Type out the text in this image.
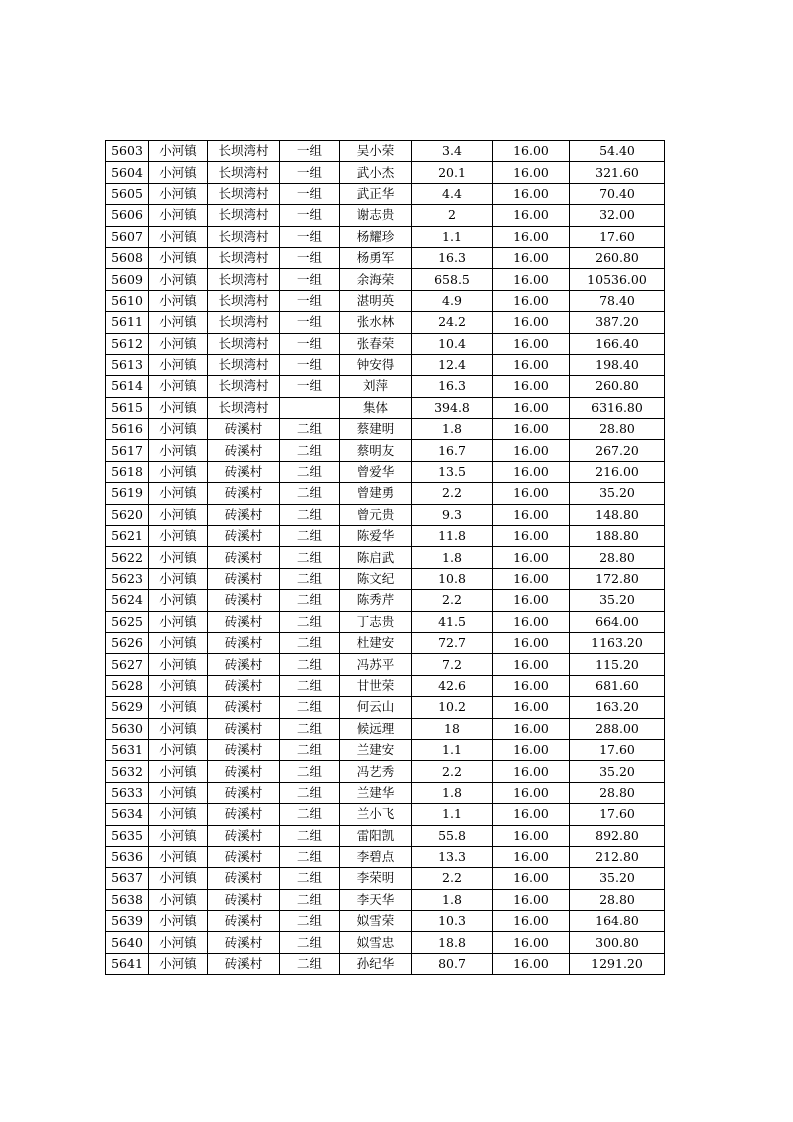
5603	小河镇	长坝湾村	一组	吴小荣	3.4	16.00	54.40
5604	小河镇	长坝湾村	一组	武小杰	20.1	16.00	321.60
5605	小河镇	长坝湾村	一组	武正华	4.4	16.00	70.40
5606	小河镇	长坝湾村	一组	谢志贵	2	16.00	32.00
5607	小河镇	长坝湾村	一组	杨耀珍	1.1	16.00	17.60
5608	小河镇	长坝湾村	一组	杨勇军	16.3	16.00	260.80
5609	小河镇	长坝湾村	一组	余海荣	658.5	16.00	10536.00
5610	小河镇	长坝湾村	一组	湛明英	4.9	16.00	78.40
5611	小河镇	长坝湾村	一组	张水林	24.2	16.00	387.20
5612	小河镇	长坝湾村	一组	张春荣	10.4	16.00	166.40
5613	小河镇	长坝湾村	一组	钟安得	12.4	16.00	198.40
5614	小河镇	长坝湾村	一组	刘萍	16.3	16.00	260.80
5615	小河镇	长坝湾村		集体	394.8	16.00	6316.80
5616	小河镇	砖溪村	二组	蔡建明	1.8	16.00	28.80
5617	小河镇	砖溪村	二组	蔡明友	16.7	16.00	267.20
5618	小河镇	砖溪村	二组	曾爱华	13.5	16.00	216.00
5619	小河镇	砖溪村	二组	曾建勇	2.2	16.00	35.20
5620	小河镇	砖溪村	二组	曾元贵	9.3	16.00	148.80
5621	小河镇	砖溪村	二组	陈爱华	11.8	16.00	188.80
5622	小河镇	砖溪村	二组	陈启武	1.8	16.00	28.80
5623	小河镇	砖溪村	二组	陈文纪	10.8	16.00	172.80
5624	小河镇	砖溪村	二组	陈秀芹	2.2	16.00	35.20
5625	小河镇	砖溪村	二组	丁志贵	41.5	16.00	664.00
5626	小河镇	砖溪村	二组	杜建安	72.7	16.00	1163.20
5627	小河镇	砖溪村	二组	冯苏平	7.2	16.00	115.20
5628	小河镇	砖溪村	二组	甘世荣	42.6	16.00	681.60
5629	小河镇	砖溪村	二组	何云山	10.2	16.00	163.20
5630	小河镇	砖溪村	二组	候远理	18	16.00	288.00
5631	小河镇	砖溪村	二组	兰建安	1.1	16.00	17.60
5632	小河镇	砖溪村	二组	冯艺秀	2.2	16.00	35.20
5633	小河镇	砖溪村	二组	兰建华	1.8	16.00	28.80
5634	小河镇	砖溪村	二组	兰小飞	1.1	16.00	17.60
5635	小河镇	砖溪村	二组	雷阳凯	55.8	16.00	892.80
5636	小河镇	砖溪村	二组	李碧点	13.3	16.00	212.80
5637	小河镇	砖溪村	二组	李荣明	2.2	16.00	35.20
5638	小河镇	砖溪村	二组	李天华	1.8	16.00	28.80
5639	小河镇	砖溪村	二组	姒雪荣	10.3	16.00	164.80
5640	小河镇	砖溪村	二组	姒雪忠	18.8	16.00	300.80
5641	小河镇	砖溪村	二组	孙纪华	80.7	16.00	1291.20
